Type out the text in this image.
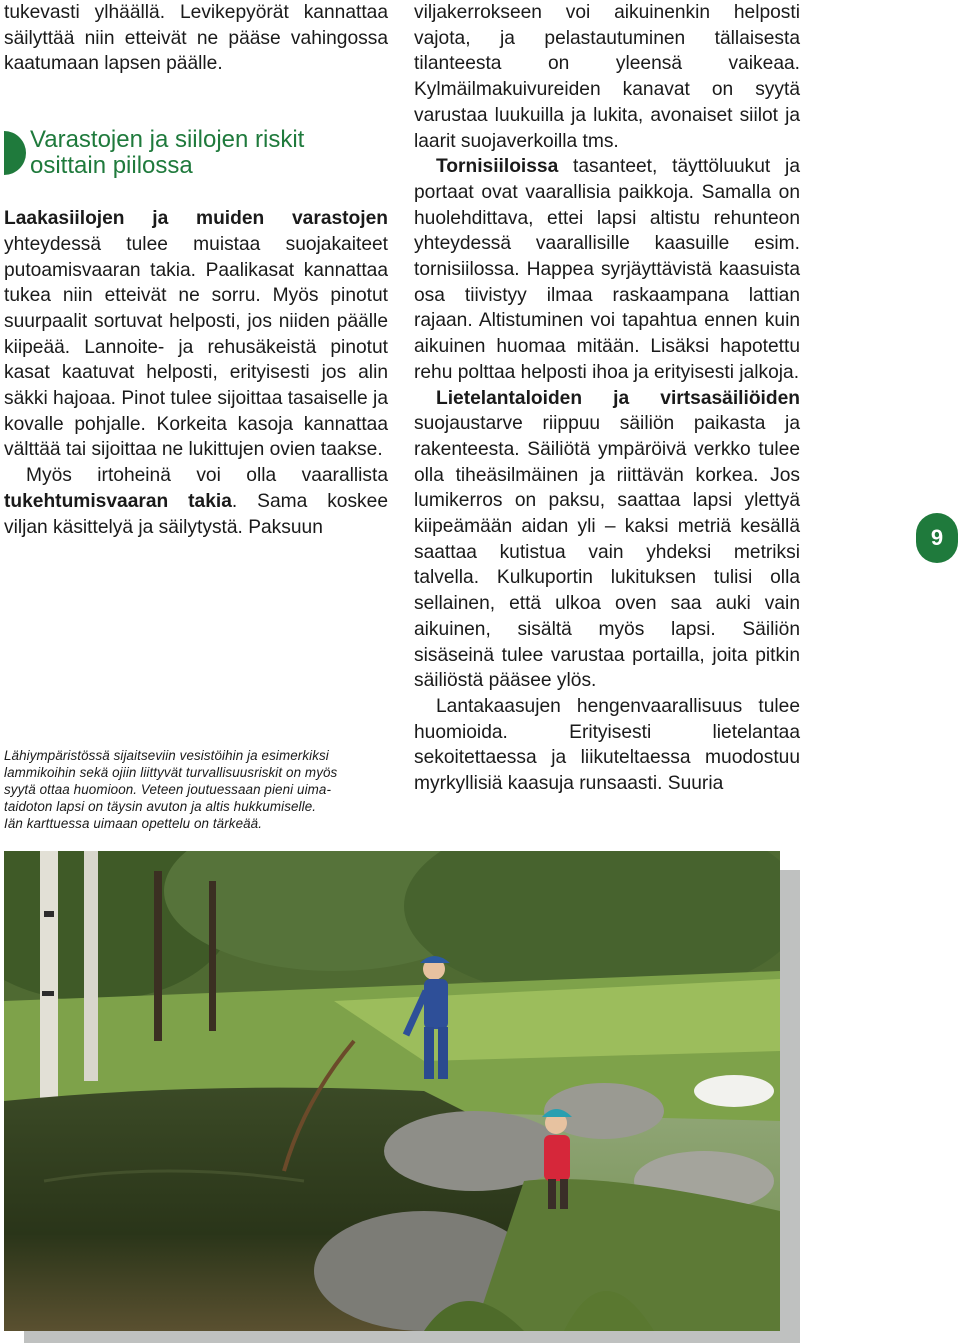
tukevasti ylhäällä. Levikepyörät kannattaa säilyttää niin etteivät ne pääse vahingossa kaatumaan lapsen päälle.

Varastojen ja siilojen riskit
osittain piilossa

Laakasiilojen ja muiden varastojen yhteydessä tulee muistaa suojakaiteet putoamisvaaran takia. Paalikasat kannattaa tukea niin etteivät ne sorru. Myös pinotut suurpaalit sortuvat helposti, jos niiden päälle kiipeää. Lannoite- ja rehusäkeistä pinotut kasat kaatuvat helposti, erityisesti jos alin säkki hajoaa. Pinot tulee sijoittaa tasaiselle ja kovalle pohjalle. Korkeita kasoja kannattaa välttää tai sijoittaa ne lukittujen ovien taakse.

Myös irtoheinä voi olla vaarallista tukehtumisvaaran takia. Sama koskee viljan käsittelyä ja säilytystä. Paksuun

Lähiympäristössä sijaitseviin vesistöihin ja esimerkiksi

lammikoihin sekä ojiin liittyvät turvallisuusriskit on myös

syytä ottaa huomioon. Veteen joutuessaan pieni uima-

taidoton lapsi on täysin avuton ja altis hukkumiselle.

Iän karttuessa uimaan opettelu on tärkeää.

viljakerrokseen voi aikuinenkin helposti vajota, ja pelastautuminen tällaisesta tilanteesta on yleensä vaikeaa. Kylmäilmakuivureiden kanavat on syytä varustaa luukuilla ja lukita, avonaiset siilot ja laarit suojaverkoilla tms.

Tornisiiloissa tasanteet, täyttöluukut ja portaat ovat vaarallisia paikkoja. Samalla on huolehdittava, ettei lapsi altistu rehunteon yhteydessä vaarallisille kaasuille esim. tornisiilossa. Happea syrjäyttävistä kaasuista osa tiivistyy ilmaa raskaampana lattian rajaan. Altistuminen voi tapahtua ennen kuin aikuinen huomaa mitään. Lisäksi hapotettu rehu polttaa helposti ihoa ja erityisesti jalkoja.

Lietelantaloiden ja virtsasäiliöiden suojaustarve riippuu säiliön paikasta ja rakenteesta. Säiliötä ympäröivä verkko tulee olla tiheäsilmäinen ja riittävän korkea. Jos lumikerros on paksu, saattaa lapsi ylettyä kiipeämään aidan yli – kaksi metriä kesällä saattaa kutistua vain yhdeksi metriksi talvella. Kulkuportin lukituksen tulisi olla sellainen, että ulkoa oven saa auki vain aikuinen, sisältä myös lapsi. Säiliön sisäseinä tulee varustaa portailla, joita pitkin säiliöstä pääsee ylös.

Lantakaasujen hengenvaarallisuus tulee huomioida. Erityisesti lietelantaa sekoitettaessa ja liikuteltaessa muodostuu myrkyllisiä kaasuja runsaasti. Suuria

9
